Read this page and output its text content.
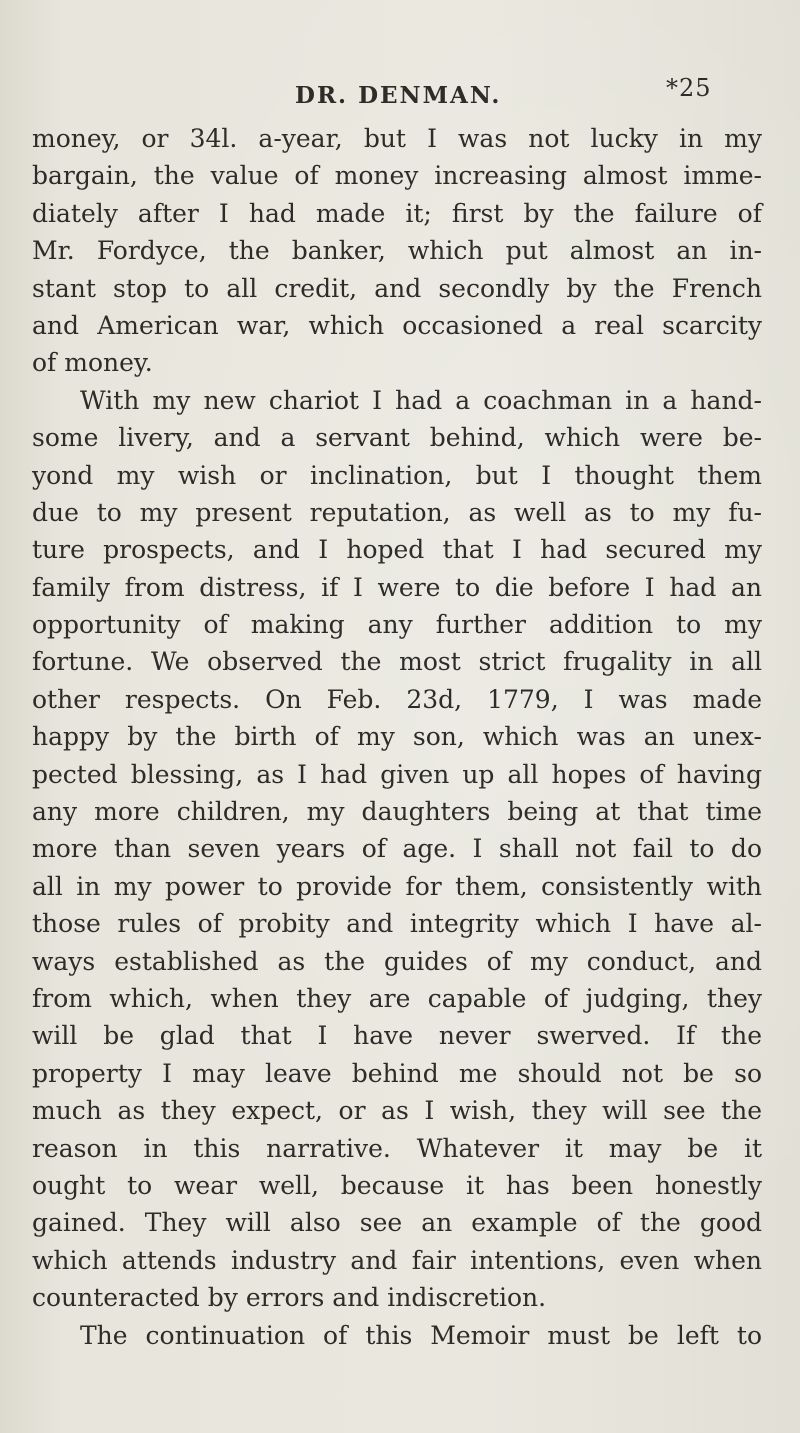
DR. DENMAN.	*25
money, or 34l. a-year, but I was not lucky in my
bargain, the value of money increasing almost imme-
diately after I had made it; first by the failure of
Mr. Fordyce, the banker, which put almost an in-
stant stop to all credit, and secondly by the French
and American war, which occasioned a real scarcity
of money.
With my new chariot I had a coachman in a hand-
some livery, and a servant behind, which were be-
yond my wish or inclination, but I thought them
due to my present reputation, as well as to my fu-
ture prospects, and I hoped that I had secured my
family from distress, if I were to die before I had an
opportunity of making any further addition to my
fortune. We observed the most strict frugality in all
other respects. On Feb. 23d, 1779, I was made
happy by the birth of my son, which was an unex-
pected blessing, as I had given up all hopes of having
any more children, my daughters being at that time
more than seven years of age. I shall not fail to do
all in my power to provide for them, consistently with
those rules of probity and integrity which I have al-
ways established as the guides of my conduct, and
from which, when they are capable of judging, they
will be glad that I have never swerved. If the
property I may leave behind me should not be so
much as they expect, or as I wish, they will see the
reason in this narrative. Whatever it may be it
ought to wear well, because it has been honestly
gained. They will also see an example of the good
which attends industry and fair intentions, even when
counteracted by errors and indiscretion.
The continuation of this Memoir must be left to
